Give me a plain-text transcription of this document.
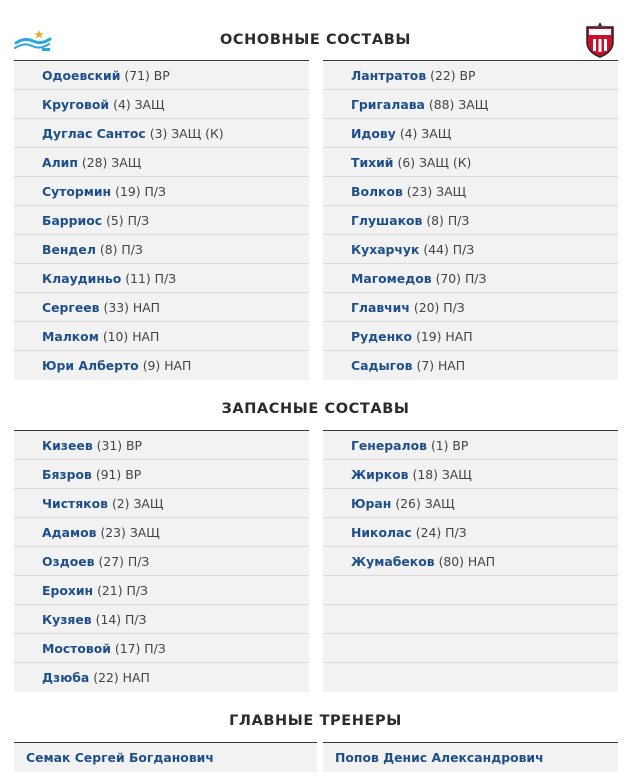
ОСНОВНЫЕ СОСТАВЫ
Одоевский (71) ВР
Круговой (4) ЗАЩ
Дуглас Сантос (3) ЗАЩ (К)
Алип (28) ЗАЩ
Сутормин (19) П/З
Барриос (5) П/З
Вендел (8) П/З
Клаудиньо (11) П/З
Сергеев (33) НАП
Малком (10) НАП
Юри Алберто (9) НАП
Лантратов (22) ВР
Григалава (88) ЗАЩ
Идову (4) ЗАЩ
Тихий (6) ЗАЩ (К)
Волков (23) ЗАЩ
Глушаков (8) П/З
Кухарчук (44) П/З
Магомедов (70) П/З
Главчич (20) П/З
Руденко (19) НАП
Садыгов (7) НАП
ЗАПАСНЫЕ СОСТАВЫ
Кизеев (31) ВР
Бязров (91) ВР
Чистяков (2) ЗАЩ
Адамов (23) ЗАЩ
Оздоев (27) П/З
Ерохин (21) П/З
Кузяев (14) П/З
Мостовой (17) П/З
Дзюба (22) НАП
Генералов (1) ВР
Жирков (18) ЗАЩ
Юран (26) ЗАЩ
Николас (24) П/З
Жумабеков (80) НАП
ГЛАВНЫЕ ТРЕНЕРЫ
Семак Сергей Богданович	Попов Денис Александрович
